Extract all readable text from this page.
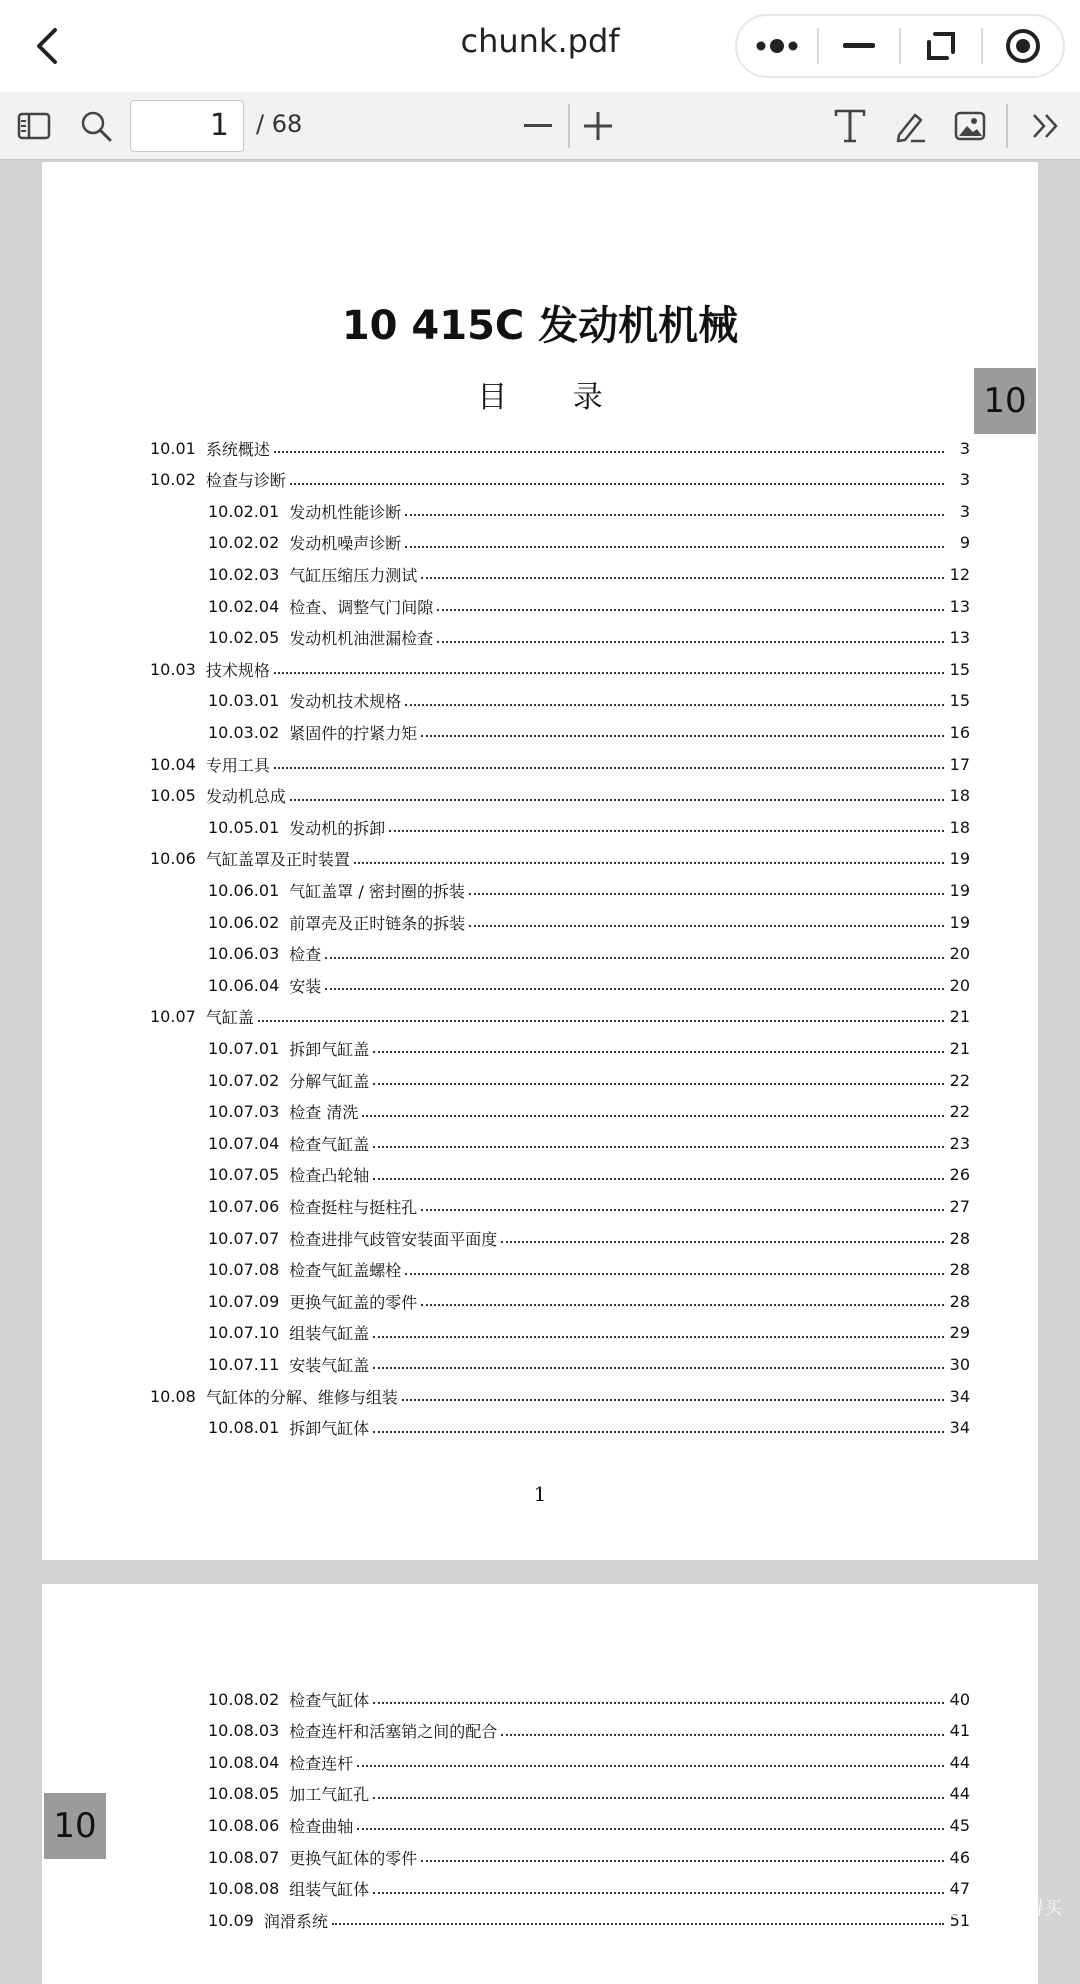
chunk.pdf
1	/ 68
10 415C 发动机机械
目 录
10.01 系统概述	3
10.02 检查与诊断	3
10.02.01 发动机性能诊断	3
10.02.02 发动机噪声诊断	9
10.02.03 气缸压缩压力测试	12
10.02.04 检查、调整气门间隙	13
10.02.05 发动机机油泄漏检查	13
10.03 技术规格	15
10.03.01 发动机技术规格	15
10.03.02 紧固件的拧紧力矩	16
10.04 专用工具	17
10.05 发动机总成	18
10.05.01 发动机的拆卸	18
10.06 气缸盖罩及正时装置	19
10.06.01 气缸盖罩 / 密封圈的拆装	19
10.06.02 前罩壳及正时链条的拆装	19
10.06.03 检查	20
10.06.04 安装	20
10.07 气缸盖	21
10.07.01 拆卸气缸盖	21
10.07.02 分解气缸盖	22
10.07.03 检查 清洗	22
10.07.04 检查气缸盖	23
10.07.05 检查凸轮轴	26
10.07.06 检查挺柱与挺柱孔	27
10.07.07 检查进排气歧管安装面平面度	28
10.07.08 检查气缸盖螺栓	28
10.07.09 更换气缸盖的零件	28
10.07.10 组装气缸盖	29
10.07.11 安装气缸盖	30
10.08 气缸体的分解、维修与组装	34
10.08.01 拆卸气缸体	34
1
10
10.08.02 检查气缸体	40
10.08.03 检查连杆和活塞销之间的配合	41
10.08.04 检查连杆	44
10.08.05 加工气缸孔	44
10.08.06 检查曲轴	45
10.08.07 更换气缸体的零件	46
10.08.08 组装气缸体	47
10.09 润滑系统	51
10
值 什么值得买
